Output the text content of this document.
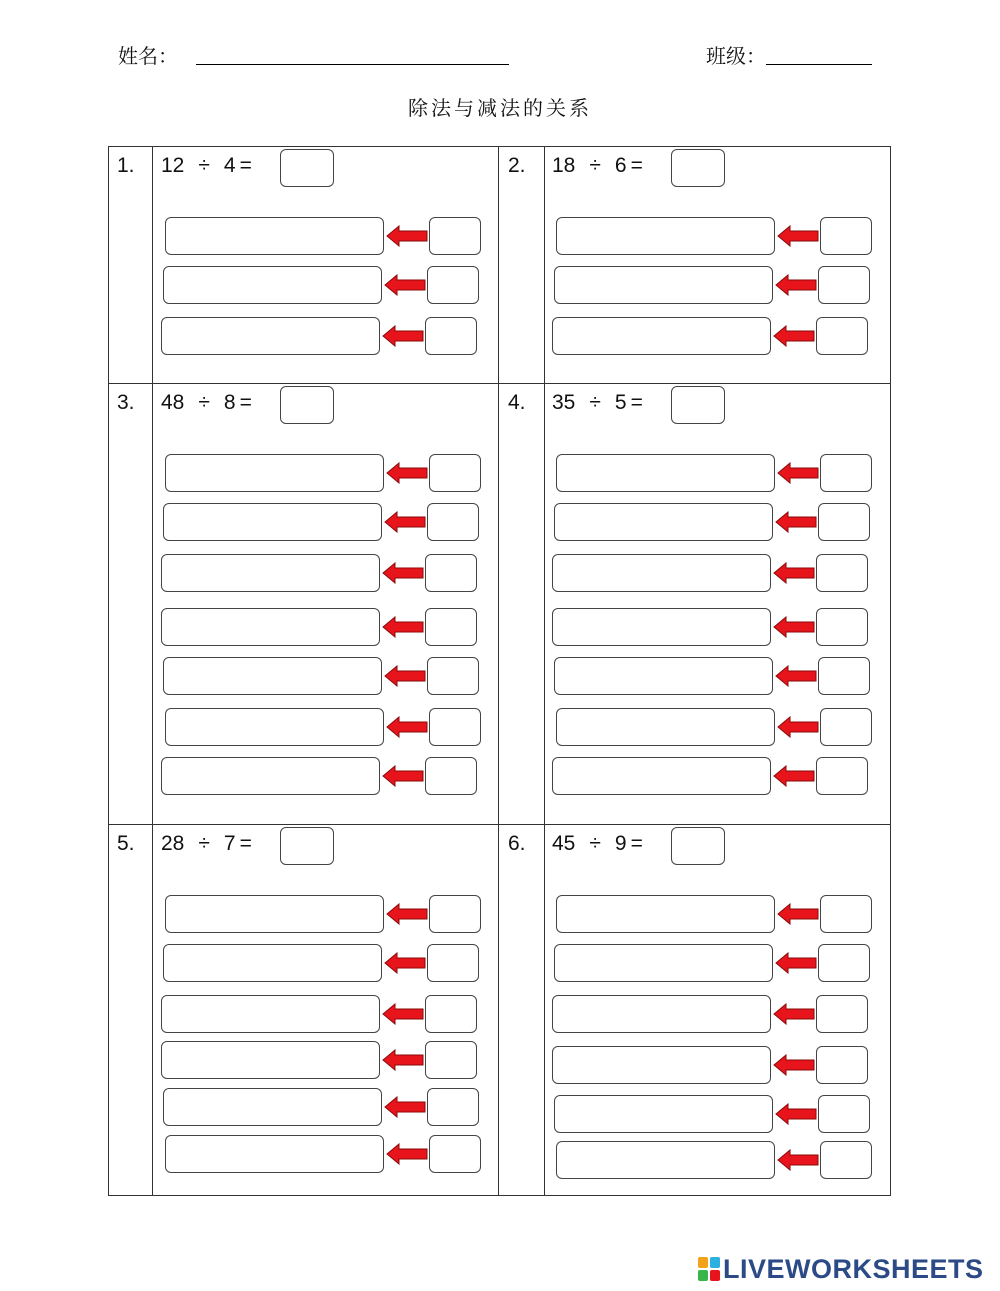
姓名：	班级：
除法与减法的关系
1. 12 ÷ 4 =	2. 18 ÷ 6 =
3. 48 ÷ 8 =	4. 35 ÷ 5 =
5. 28 ÷ 7 =	6. 45 ÷ 9 =
LIVEWORKSHEETS
